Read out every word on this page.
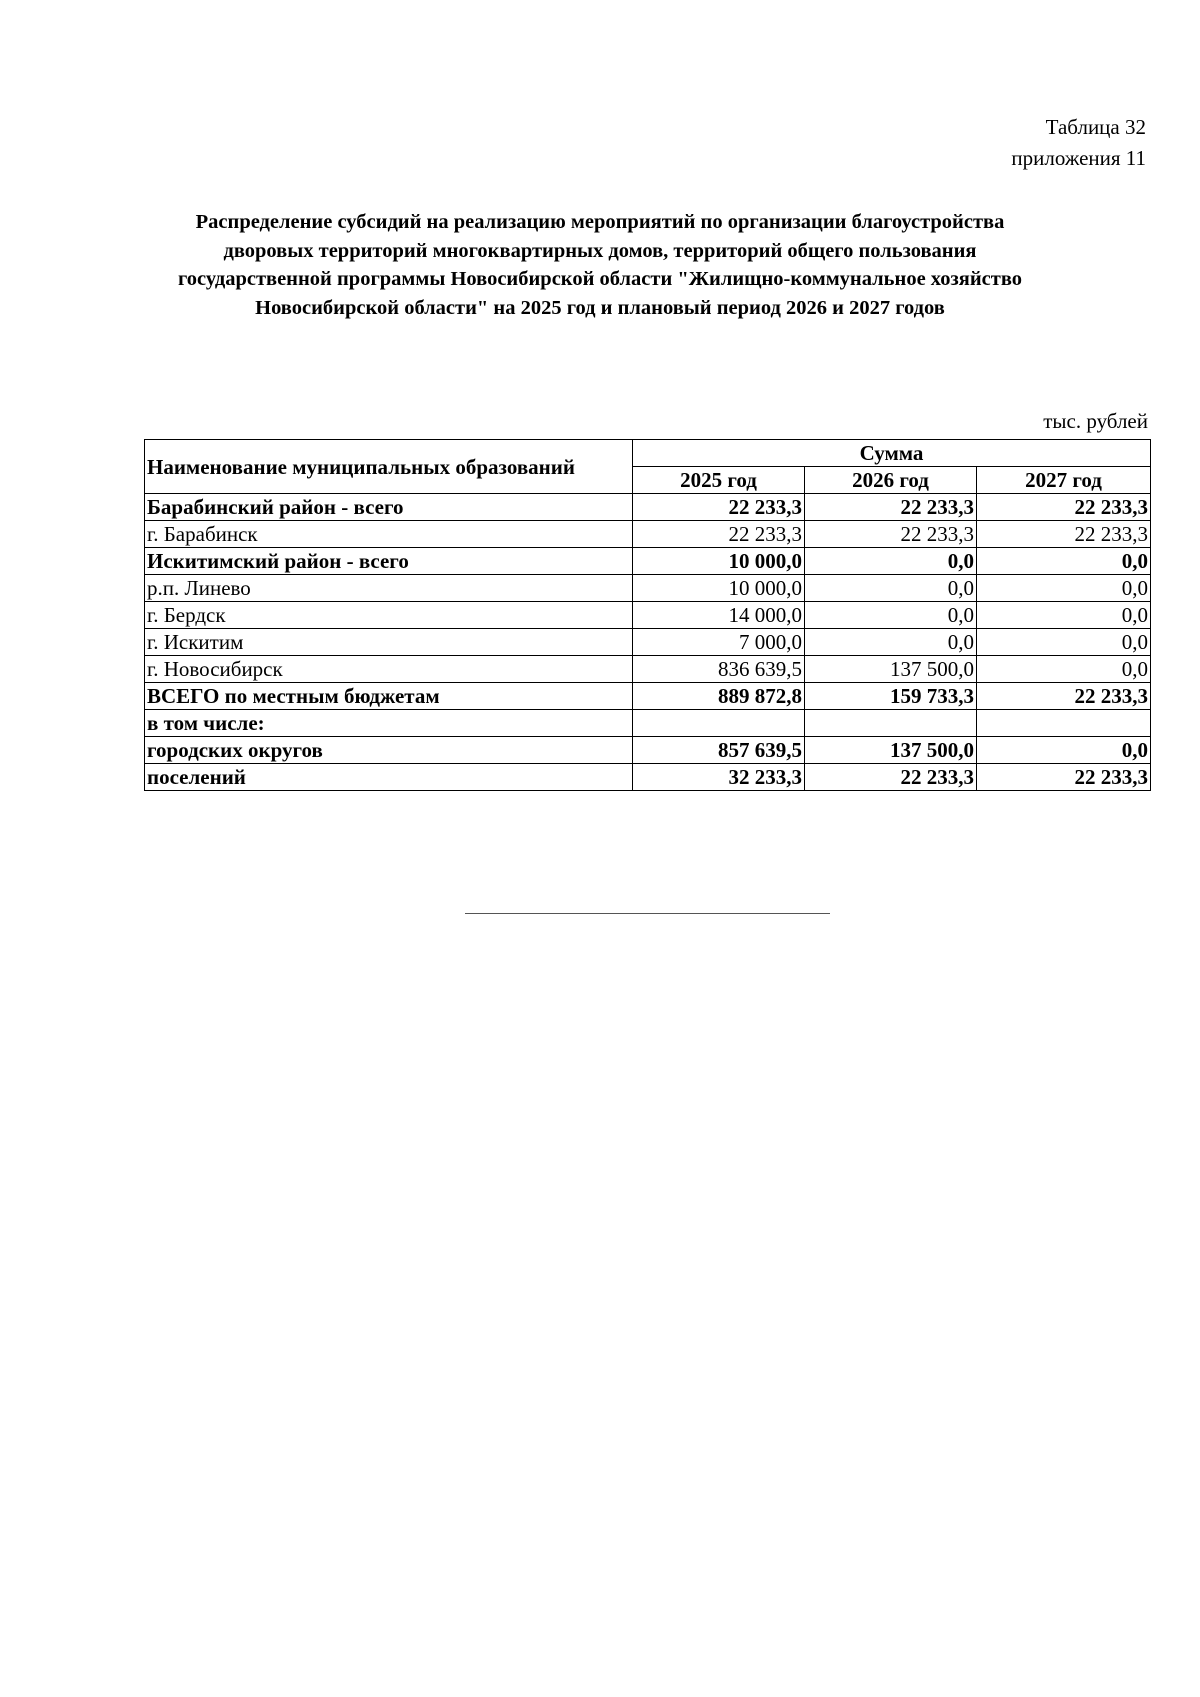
Таблица 32
приложения 11
Распределение субсидий на реализацию мероприятий по организации благоустройства
дворовых территорий многоквартирных домов, территорий общего пользования
государственной программы Новосибирской области "Жилищно-коммунальное хозяйство
Новосибирской области" на 2025 год и плановый период 2026 и 2027 годов
тыс. рублей
Наименование муниципальных образований	Сумма		
	2025 год	2026 год	2027 год
Барабинский район - всего	22 233,3	22 233,3	22 233,3
г. Барабинск	22 233,3	22 233,3	22 233,3
Искитимский район - всего	10 000,0	0,0	0,0
р.п. Линево	10 000,0	0,0	0,0
г. Бердск	14 000,0	0,0	0,0
г. Искитим	7 000,0	0,0	0,0
г. Новосибирск	836 639,5	137 500,0	0,0
ВСЕГО по местным бюджетам	889 872,8	159 733,3	22 233,3
в том числе:			
городских округов	857 639,5	137 500,0	0,0
поселений	32 233,3	22 233,3	22 233,3
